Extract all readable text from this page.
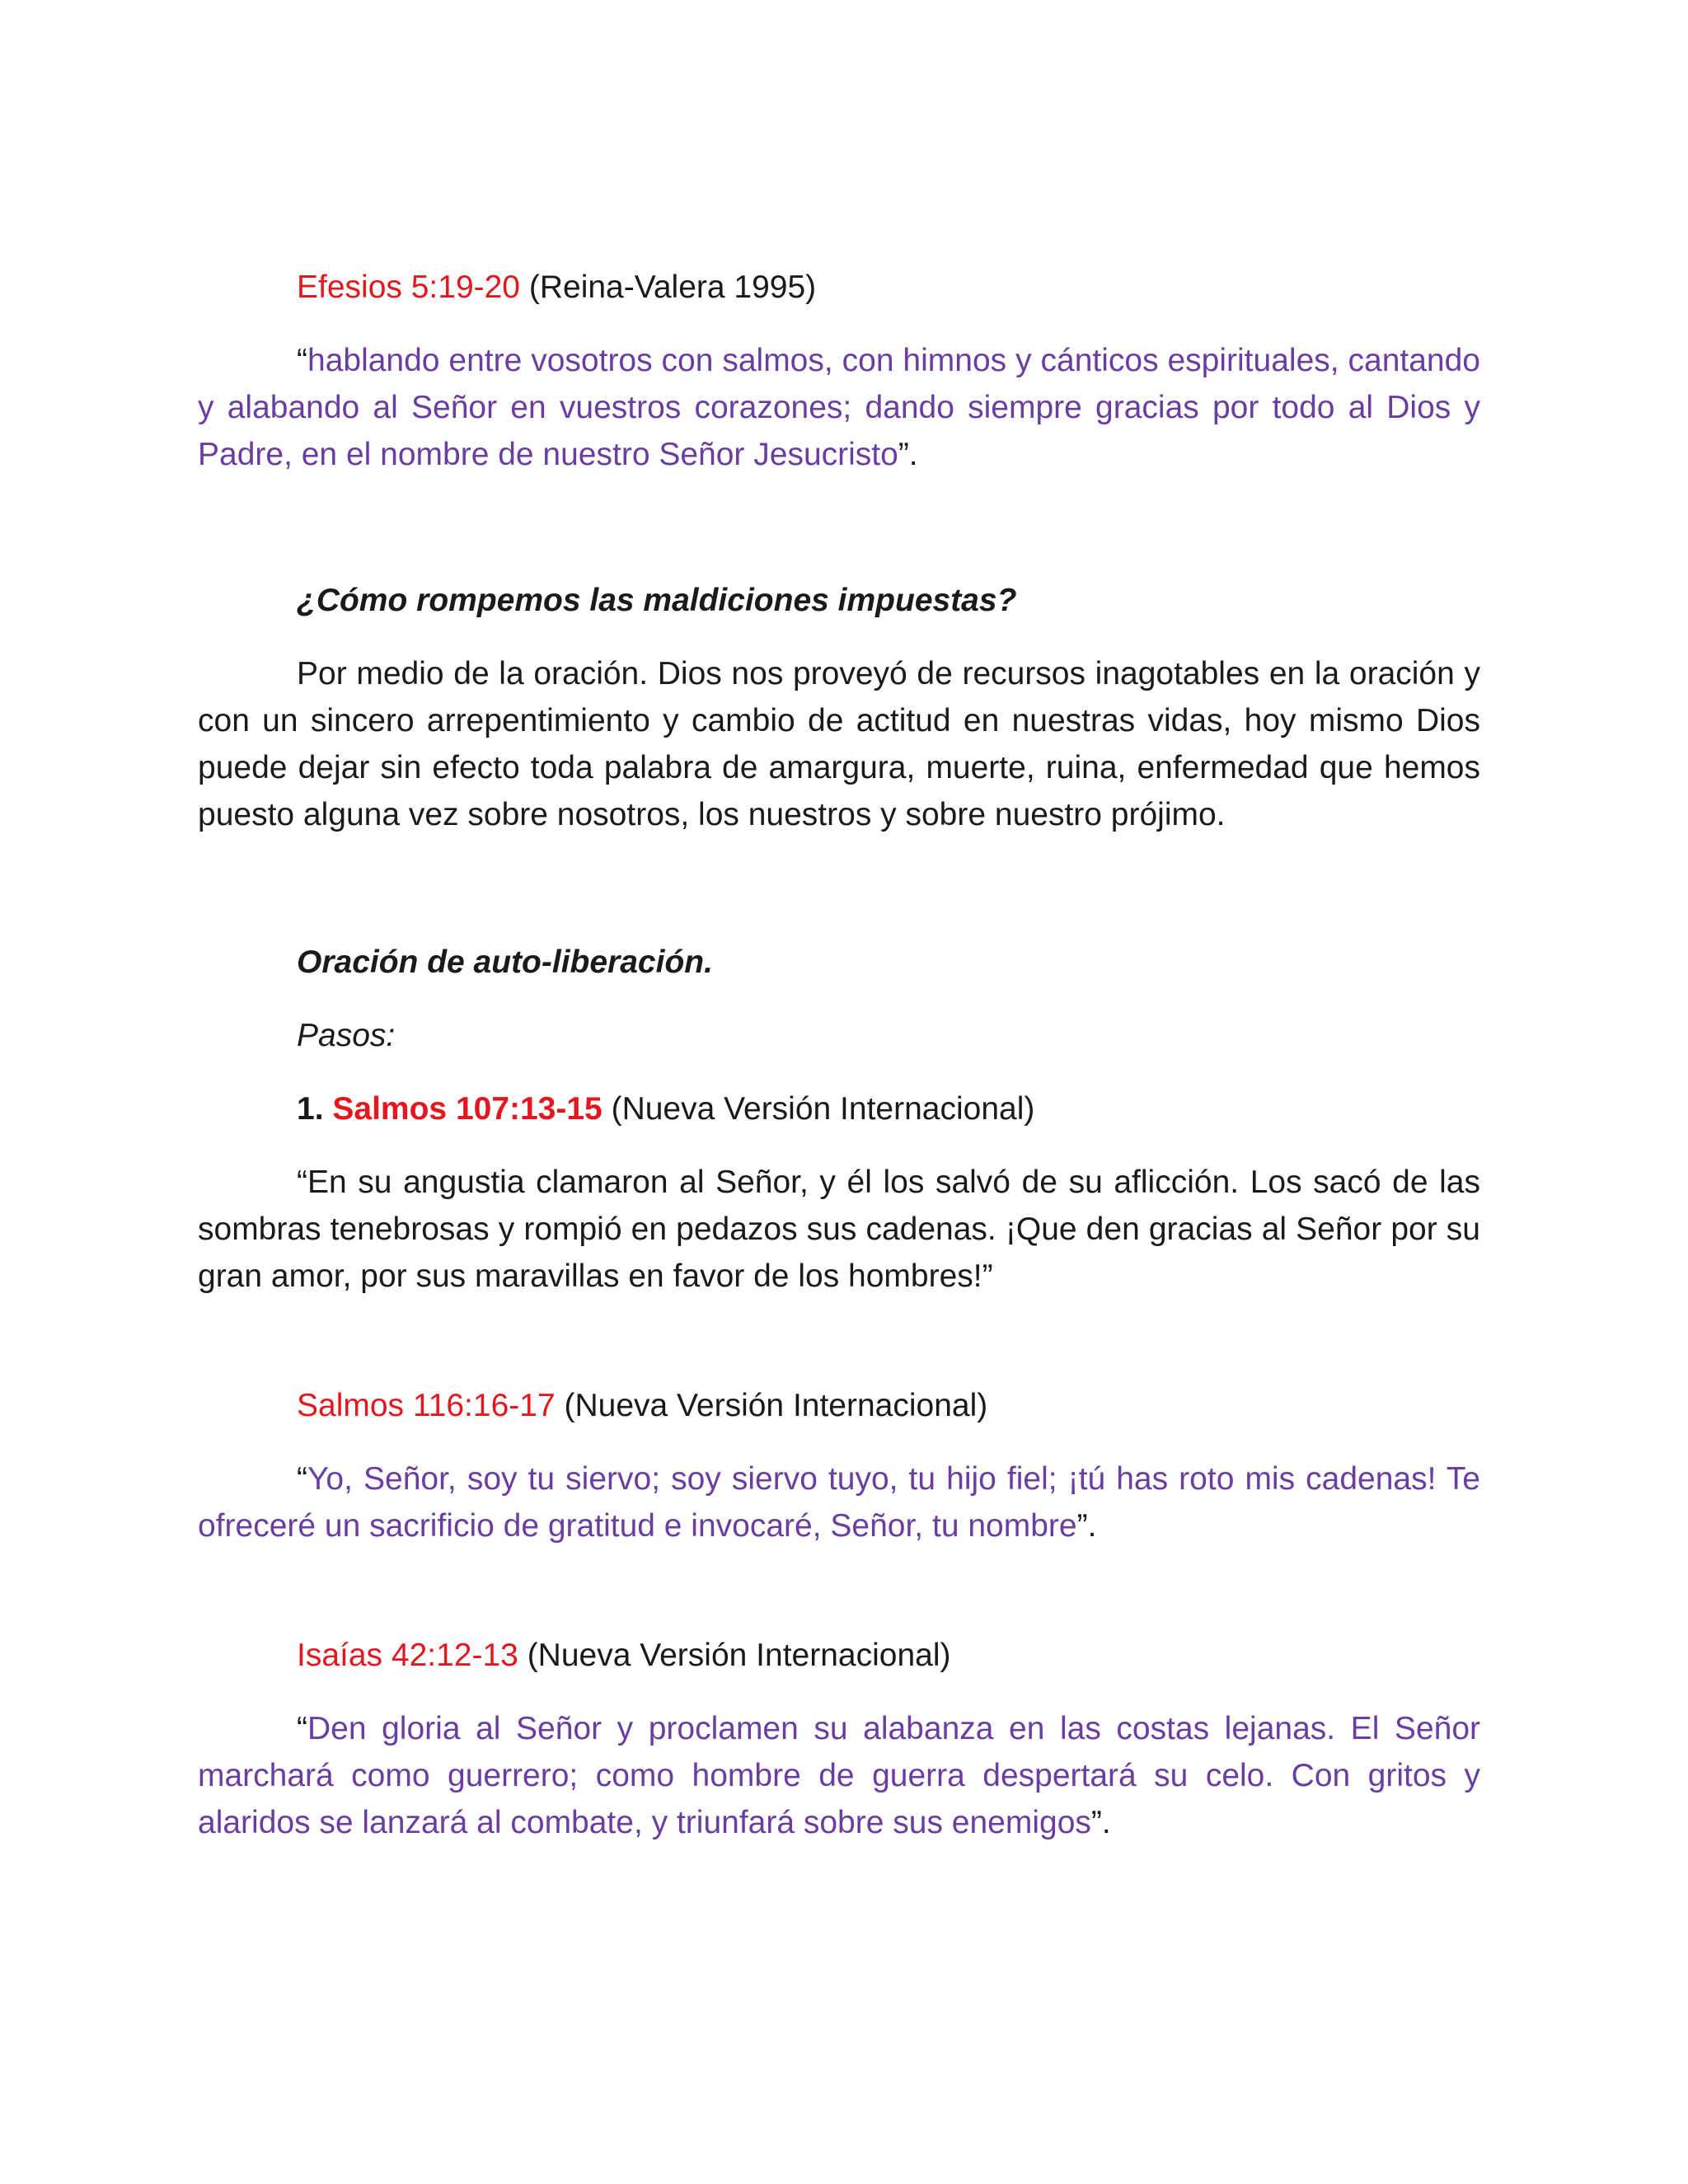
Efesios 5:19-20 (Reina-Valera 1995)

“hablando entre vosotros con salmos, con himnos y cánticos espirituales, cantando y alabando al Señor en vuestros corazones; dando siempre gracias por todo al Dios y Padre, en el nombre de nuestro Señor Jesucristo”.

¿Cómo rompemos las maldiciones impuestas?

Por medio de la oración. Dios nos proveyó de recursos inagotables en la oración y con un sincero arrepentimiento y cambio de actitud en nuestras vidas, hoy mismo Dios puede dejar sin efecto toda palabra de amargura, muerte, ruina, enfermedad que hemos puesto alguna vez sobre nosotros, los nuestros y sobre nuestro prójimo.

Oración de auto-liberación.

Pasos:

1. Salmos 107:13-15 (Nueva Versión Internacional)

“En su angustia clamaron al Señor, y él los salvó de su aflicción. Los sacó de las sombras tenebrosas y rompió en pedazos sus cadenas. ¡Que den gracias al Señor por su gran amor, por sus maravillas en favor de los hombres!”

Salmos 116:16-17 (Nueva Versión Internacional)

“Yo, Señor, soy tu siervo; soy siervo tuyo, tu hijo fiel; ¡tú has roto mis cadenas! Te ofreceré un sacrificio de gratitud e invocaré, Señor, tu nombre”.

Isaías 42:12-13 (Nueva Versión Internacional)

“Den gloria al Señor y proclamen su alabanza en las costas lejanas. El Señor marchará como guerrero; como hombre de guerra despertará su celo. Con gritos y alaridos se lanzará al combate, y triunfará sobre sus enemigos”.
